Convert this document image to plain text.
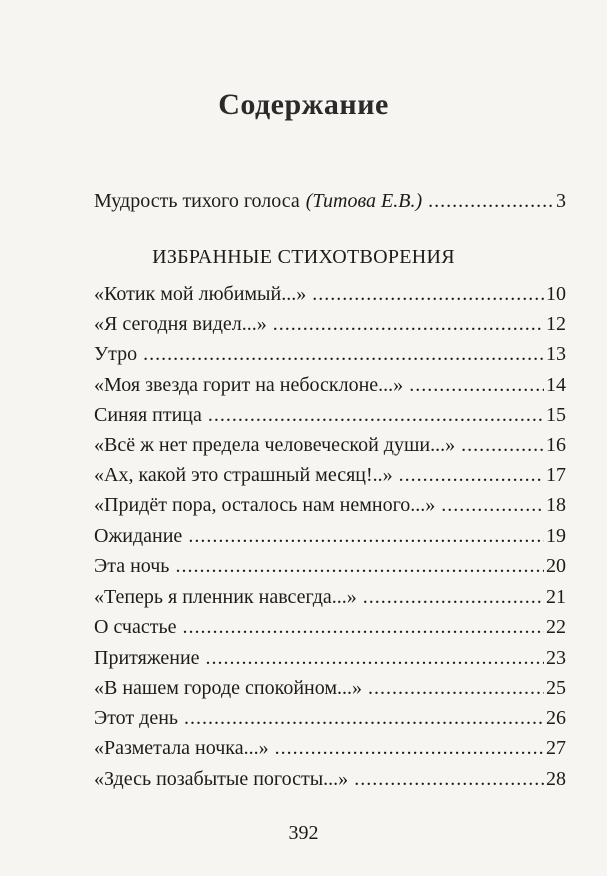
Содержание
Мудрость тихого голоса (Титова Е.В.) .....	3
ИЗБРАННЫЕ СТИХОТВОРЕНИЯ
«Котик мой любимый...» .....	10
«Я сегодня видел...» .....	12
Утро .....	13
«Моя звезда горит на небосклоне...» .....	14
Синяя птица .....	15
«Всё ж нет предела человеческой души...» .....	16
«Ах, какой это страшный месяц!..» .....	17
«Придёт пора, осталось нам немного...» .....	18
Ожидание .....	19
Эта ночь .....	20
«Теперь я пленник навсегда...» .....	21
О счастье .....	22
Притяжение .....	23
«В нашем городе спокойном...» .....	25
Этот день .....	26
«Разметала ночка...» .....	27
«Здесь позабытые погосты...» .....	28
392
